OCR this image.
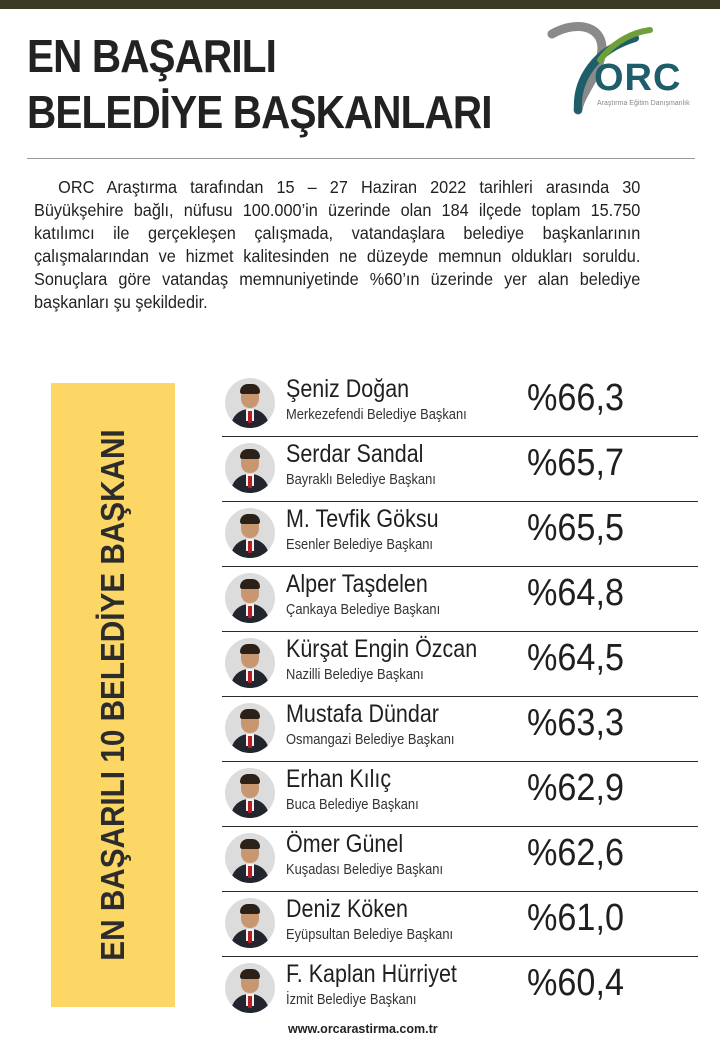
EN BAŞARILI
BELEDİYE BAŞKANLARI
ORC
Araştırma Eğitim Danışmanlık

ORC Araştırma tarafından 15 – 27 Haziran 2022 tarihleri arasında 30 Büyükşehire bağlı, nüfusu 100.000’in üzerinde olan 184 ilçede toplam 15.750 katılımcı ile gerçekleşen çalışmada, vatandaşlara belediye başkanlarının çalışmalarından ve hizmet kalitesinden ne düzeyde memnun oldukları soruldu. Sonuçlara göre vatandaş memnuniyetinde %60’ın üzerinde yer alan belediye başkanları şu şekildedir.

EN BAŞARILI 10 BELEDİYE BAŞKANI
Şeniz Doğan
Merkezefendi Belediye Başkanı %66,3
Serdar Sandal
Bayraklı Belediye Başkanı %65,7
M. Tevfik Göksu
Esenler Belediye Başkanı %65,5
Alper Taşdelen
Çankaya Belediye Başkanı %64,8
Kürşat Engin Özcan
Nazilli Belediye Başkanı	%64,5
Mustafa Dündar
Osmangazi Belediye Başkanı %63,3
Erhan Kılıç
Buca Belediye Başkanı	%62,9
Ömer Günel
Kuşadası Belediye Başkanı %62,6
Deniz Köken
Eyüpsultan Belediye Başkanı %61,0
F. Kaplan Hürriyet
İzmit Belediye Başkanı	%60,4
www.orcarastirma.com.tr
